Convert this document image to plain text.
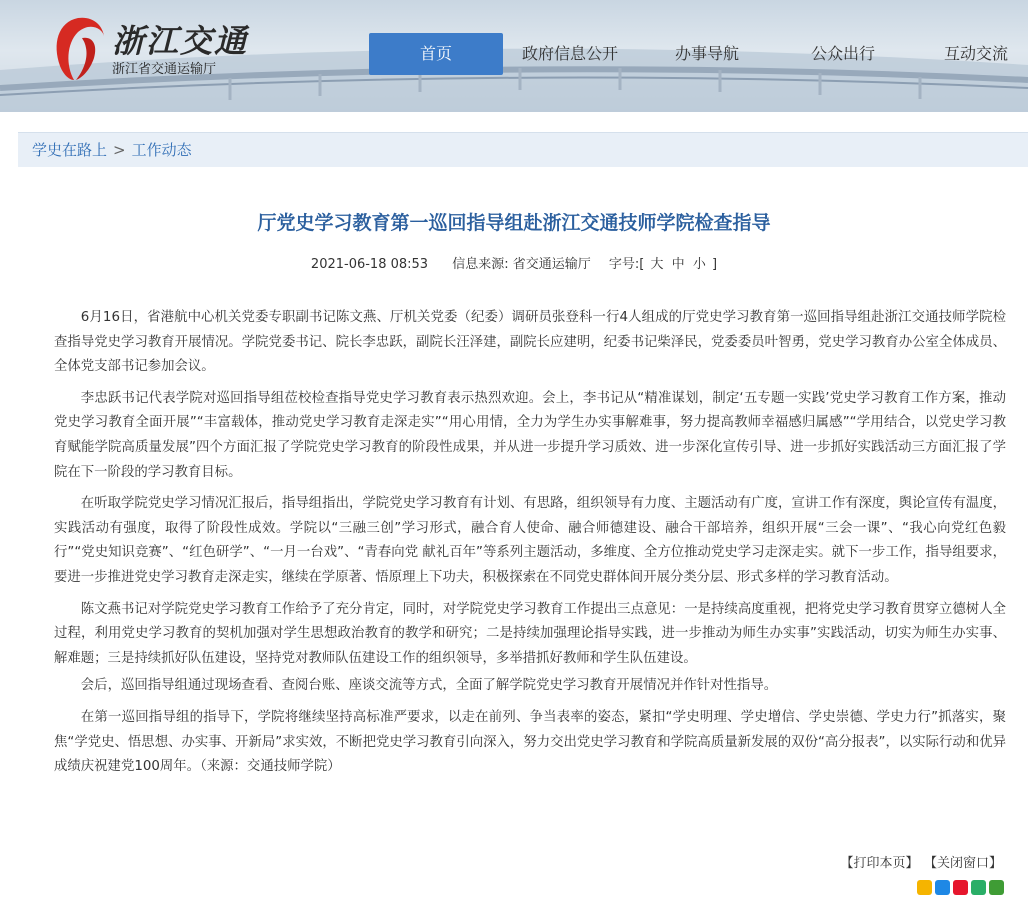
浙江交通
浙江省交通运输厅
首页	政府信息公开	办事导航	公众出行	互动交流
学史在路上 > 工作动态
厅党史学习教育第一巡回指导组赴浙江交通技师学院检查指导
2021-06-18 08:53 信息来源: 省交通运输厅 字号:[ 大 中 小 ]

6月16日，省港航中心机关党委专职副书记陈文燕、厅机关党委（纪委）调研员张登科一行4人组成的厅党史学习教育第一巡回指导组赴浙江交通技师学院检查指导党史学习教育开展情况。学院党委书记、院长李忠跃，副院长汪泽建，副院长应建明，纪委书记柴泽民，党委委员叶智勇，党史学习教育办公室全体成员、全体党支部书记参加会议。

李忠跃书记代表学院对巡回指导组莅校检查指导党史学习教育表示热烈欢迎。会上，李书记从“精准谋划，制定‘五专题一实践’党史学习教育工作方案，推动党史学习教育全面开展”“丰富载体，推动党史学习教育走深走实”“用心用情，全力为学生办实事解难事，努力提高教师幸福感归属感”“学用结合，以党史学习教育赋能学院高质量发展”四个方面汇报了学院党史学习教育的阶段性成果，并从进一步提升学习质效、进一步深化宣传引导、进一步抓好实践活动三方面汇报了学院在下一阶段的学习教育目标。

在听取学院党史学习情况汇报后，指导组指出，学院党史学习教育有计划、有思路，组织领导有力度、主题活动有广度，宣讲工作有深度，舆论宣传有温度，实践活动有强度，取得了阶段性成效。学院以“三融三创”学习形式，融合育人使命、融合师德建设、融合干部培养，组织开展“三会一课”、“我心向党红色毅行”“党史知识竞赛”、“红色研学”、“一月一台戏”、“青春向党 献礼百年”等系列主题活动，多维度、全方位推动党史学习走深走实。就下一步工作，指导组要求，要进一步推进党史学习教育走深走实，继续在学原著、悟原理上下功夫，积极探索在不同党史群体间开展分类分层、形式多样的学习教育活动。

陈文燕书记对学院党史学习教育工作给予了充分肯定，同时，对学院党史学习教育工作提出三点意见：一是持续高度重视，把将党史学习教育贯穿立德树人全过程，利用党史学习教育的契机加强对学生思想政治教育的教学和研究；二是持续加强理论指导实践，进一步推动为师生办实事”实践活动，切实为师生办实事、解难题；三是持续抓好队伍建设，坚持党对教师队伍建设工作的组织领导，多举措抓好教师和学生队伍建设。

会后，巡回指导组通过现场查看、查阅台账、座谈交流等方式，全面了解学院党史学习教育开展情况并作针对性指导。

在第一巡回指导组的指导下，学院将继续坚持高标准严要求，以走在前列、争当表率的姿态，紧扣“学史明理、学史增信、学史崇德、学史力行”抓落实，聚焦“学党史、悟思想、办实事、开新局”求实效，不断把党史学习教育引向深入，努力交出党史学习教育和学院高质量新发展的双份“高分报表”，以实际行动和优异成绩庆祝建党100周年。（来源：交通技师学院）

【打印本页】 【关闭窗口】
